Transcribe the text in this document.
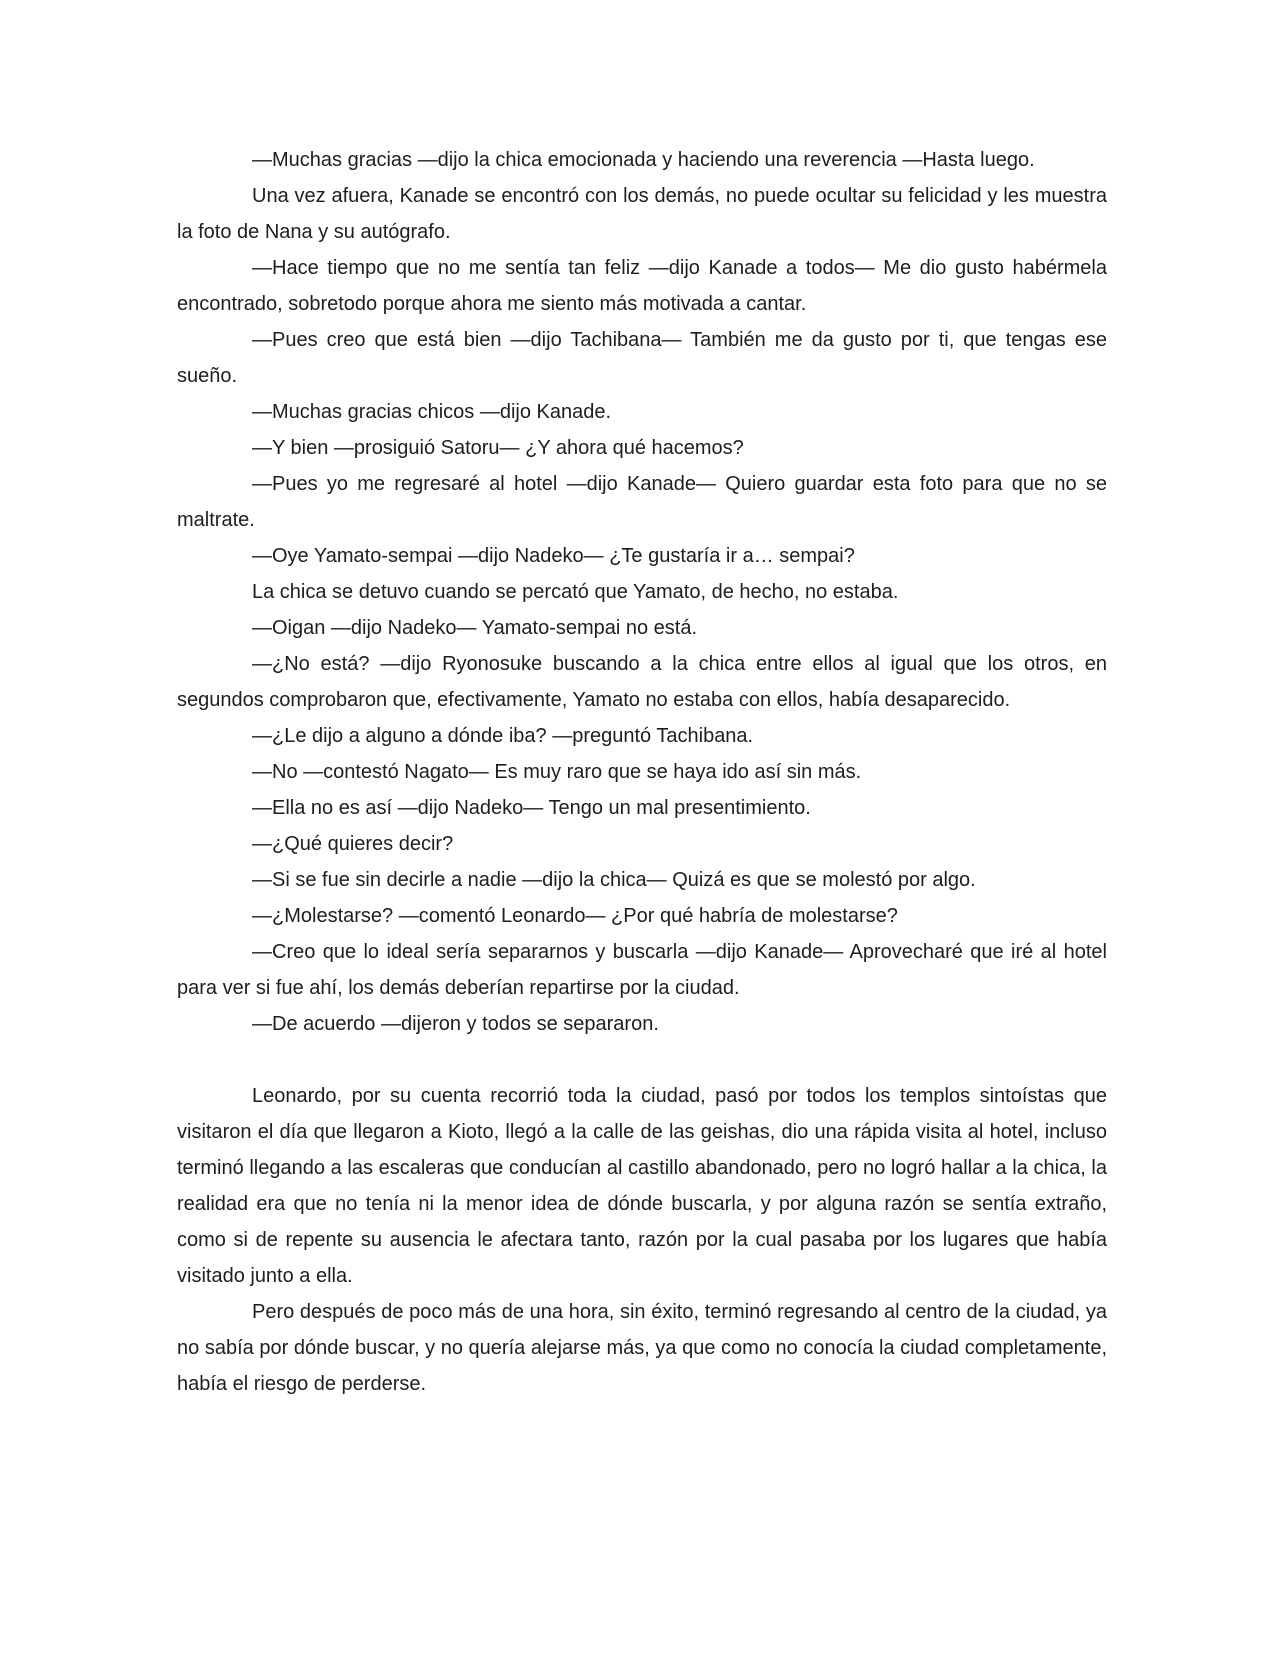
—Muchas gracias —dijo la chica emocionada y haciendo una reverencia —Hasta luego.

Una vez afuera, Kanade se encontró con los demás, no puede ocultar su felicidad y les muestra la foto de Nana y su autógrafo.

—Hace tiempo que no me sentía tan feliz —dijo Kanade a todos— Me dio gusto habérmela encontrado, sobretodo porque ahora me siento más motivada a cantar.

—Pues creo que está bien —dijo Tachibana— También me da gusto por ti, que tengas ese sueño.

—Muchas gracias chicos —dijo Kanade.

—Y bien —prosiguió Satoru— ¿Y ahora qué hacemos?

—Pues yo me regresaré al hotel —dijo Kanade— Quiero guardar esta foto para que no se maltrate.

—Oye Yamato-sempai —dijo Nadeko— ¿Te gustaría ir a… sempai?

La chica se detuvo cuando se percató que Yamato, de hecho, no estaba.

—Oigan —dijo Nadeko— Yamato-sempai no está.

—¿No está? —dijo Ryonosuke buscando a la chica entre ellos al igual que los otros, en segundos comprobaron que, efectivamente, Yamato no estaba con ellos, había desaparecido.

—¿Le dijo a alguno a dónde iba? —preguntó Tachibana.

—No —contestó Nagato— Es muy raro que se haya ido así sin más.

—Ella no es así —dijo Nadeko— Tengo un mal presentimiento.

—¿Qué quieres decir?

—Si se fue sin decirle a nadie —dijo la chica— Quizá es que se molestó por algo.

—¿Molestarse? —comentó Leonardo— ¿Por qué habría de molestarse?

—Creo que lo ideal sería separarnos y buscarla —dijo Kanade— Aprovecharé que iré al hotel para ver si fue ahí, los demás deberían repartirse por la ciudad.

—De acuerdo —dijeron y todos se separaron.

Leonardo, por su cuenta recorrió toda la ciudad, pasó por todos los templos sintoístas que visitaron el día que llegaron a Kioto, llegó a la calle de las geishas, dio una rápida visita al hotel, incluso terminó llegando a las escaleras que conducían al castillo abandonado, pero no logró hallar a la chica, la realidad era que no tenía ni la menor idea de dónde buscarla, y por alguna razón se sentía extraño, como si de repente su ausencia le afectara tanto, razón por la cual pasaba por los lugares que había visitado junto a ella.

Pero después de poco más de una hora, sin éxito, terminó regresando al centro de la ciudad, ya no sabía por dónde buscar, y no quería alejarse más, ya que como no conocía la ciudad completamente, había el riesgo de perderse.
